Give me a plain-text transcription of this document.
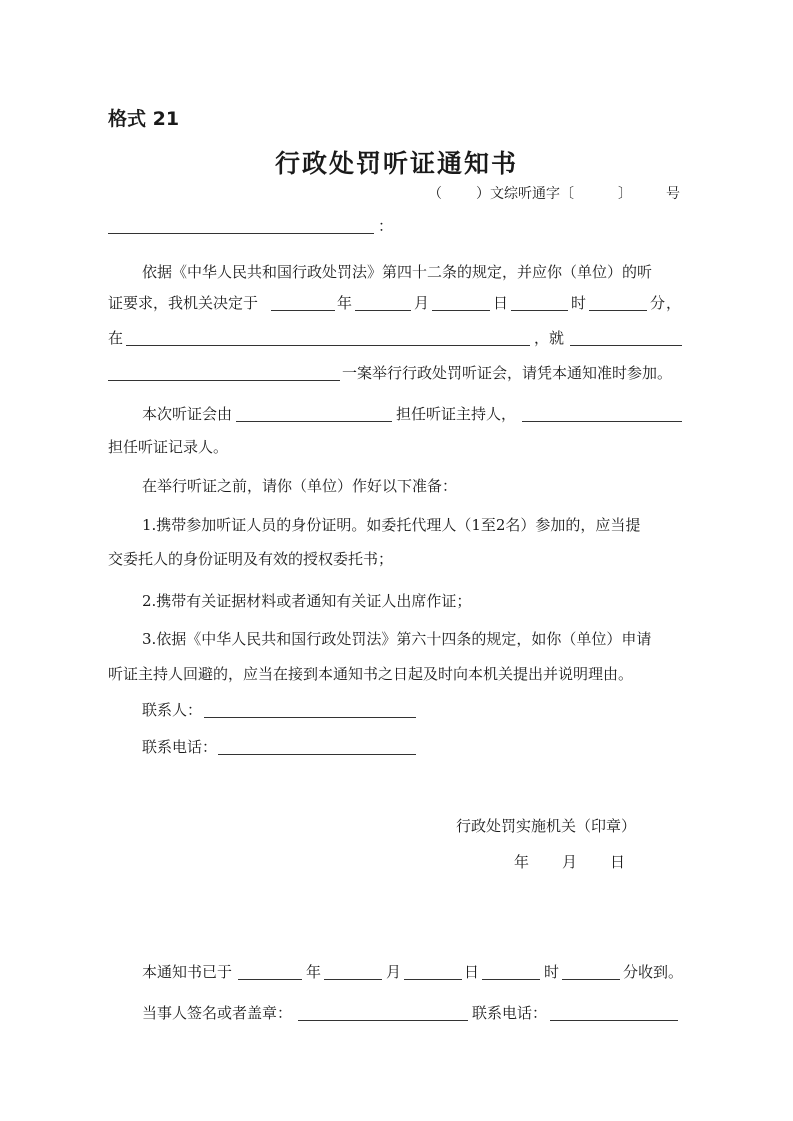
格式 21
行政处罚听证通知书
（ ）文综听通字〔	〕 号
：
依据《中华人民共和国行政处罚法》第四十二条的规定，并应你（单位）的听
证要求，我机关决定于	年	月	日	时	分 ，
在	，就
一案举行行政处罚听证会，请凭本通知准时参加。
本次听证会由	担任听证主持人，
担任听证记录人。
在举行听证之前，请你（单位）作好以下准备：
1.携带参加听证人员的身份证明。如委托代理人（1至2名）参加的，应当提
交委托人的身份证明及有效的授权委托书；
2.携带有关证据材料或者通知有关证人出席作证；
3.依据《中华人民共和国行政处罚法》第六十四条的规定，如你（单位）申请
听证主持人回避的，应当在接到本通知书之日起及时向本机关提出并说明理由。
联系人：
联系电话：
行政处罚实施机关（印章）
年 月 日
本通知书已于	年	月	日	时	分收到。
当事人签名或者盖章：	联系电话：
